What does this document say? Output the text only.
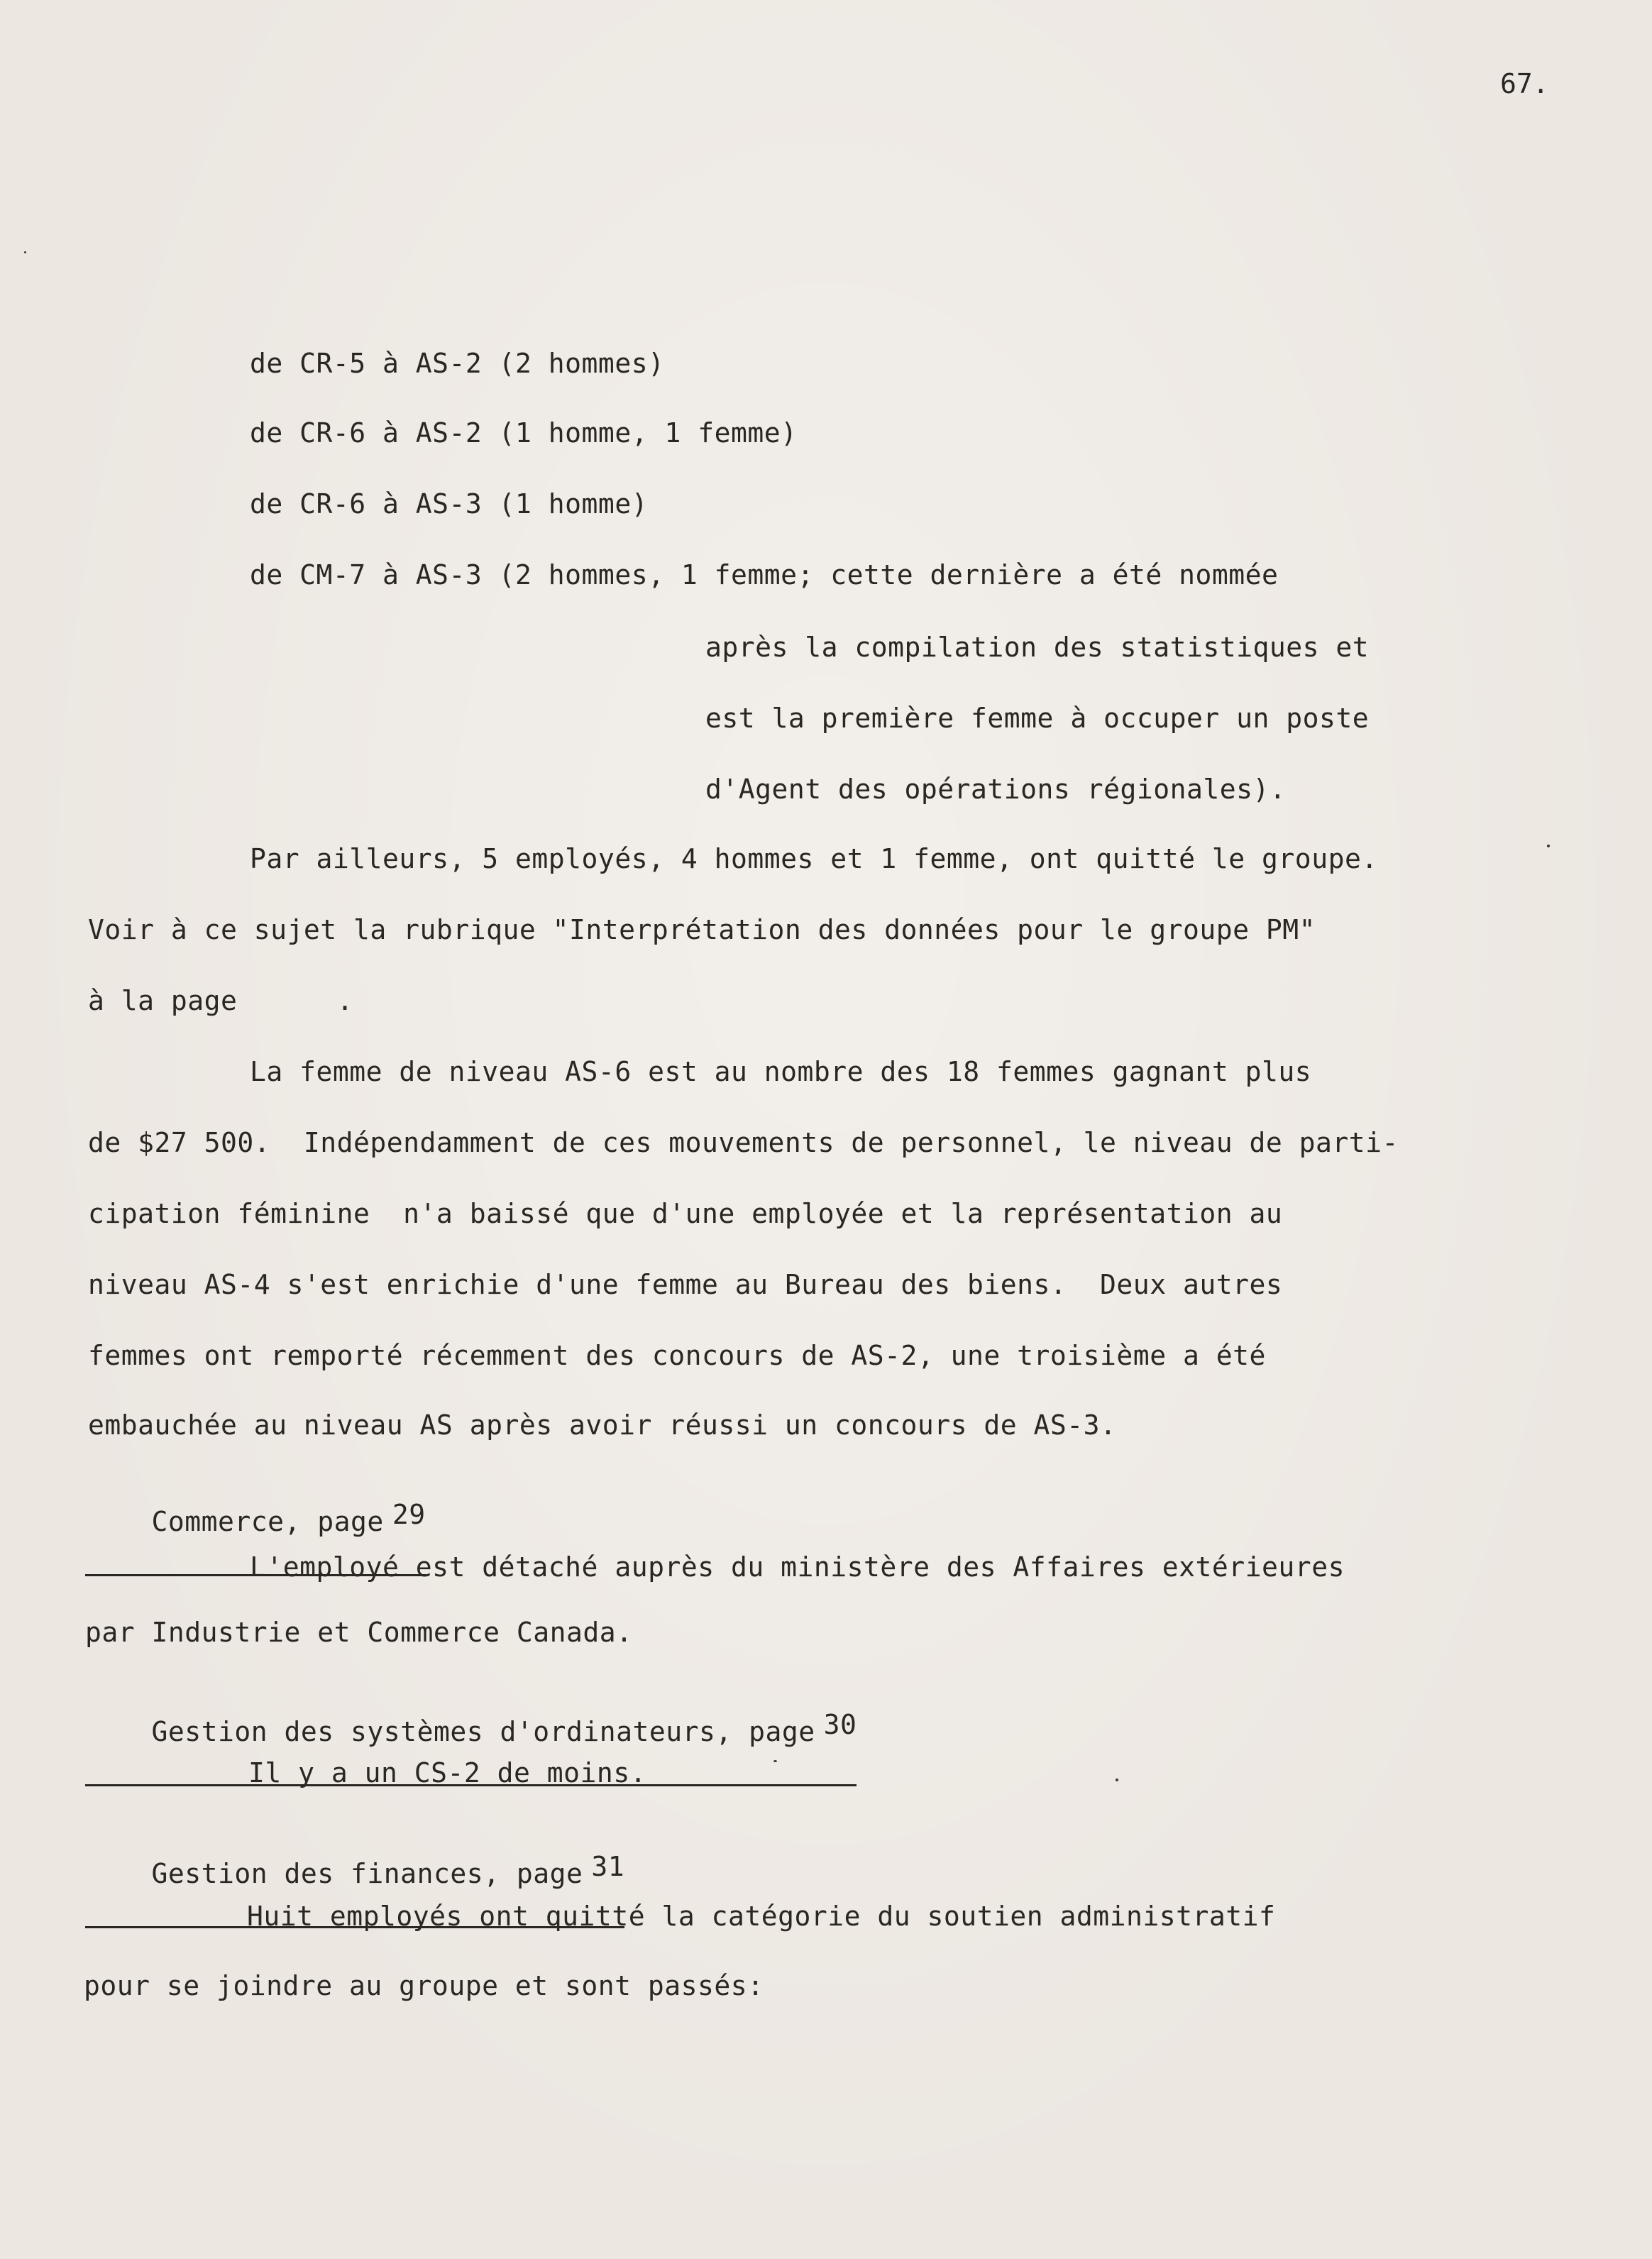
67.
de CR-5 à AS-2 (2 hommes)
de CR-6 à AS-2 (1 homme, 1 femme)
de CR-6 à AS-3 (1 homme)
de CM-7 à AS-3 (2 hommes, 1 femme; cette dernière a été nommée
après la compilation des statistiques et
est la première femme à occuper un poste
d'Agent des opérations régionales).
Par ailleurs, 5 employés, 4 hommes et 1 femme, ont quitté le groupe.
Voir à ce sujet la rubrique "Interprétation des données pour le groupe PM"
à la page      .
La femme de niveau AS-6 est au nombre des 18 femmes gagnant plus
de $27 500.  Indépendamment de ces mouvements de personnel, le niveau de parti-
cipation féminine  n'a baissé que d'une employée et la représentation au
niveau AS-4 s'est enrichie d'une femme au Bureau des biens.  Deux autres
femmes ont remporté récemment des concours de AS-2, une troisième a été
embauchée au niveau AS après avoir réussi un concours de AS-3.

Commerce, page 29

L'employé est détaché auprès du ministère des Affaires extérieures
par Industrie et Commerce Canada.

Gestion des systèmes d'ordinateurs, page 30

Il y a un CS-2 de moins.

Gestion des finances, page 31

Huit employés ont quitté la catégorie du soutien administratif
pour se joindre au groupe et sont passés:
